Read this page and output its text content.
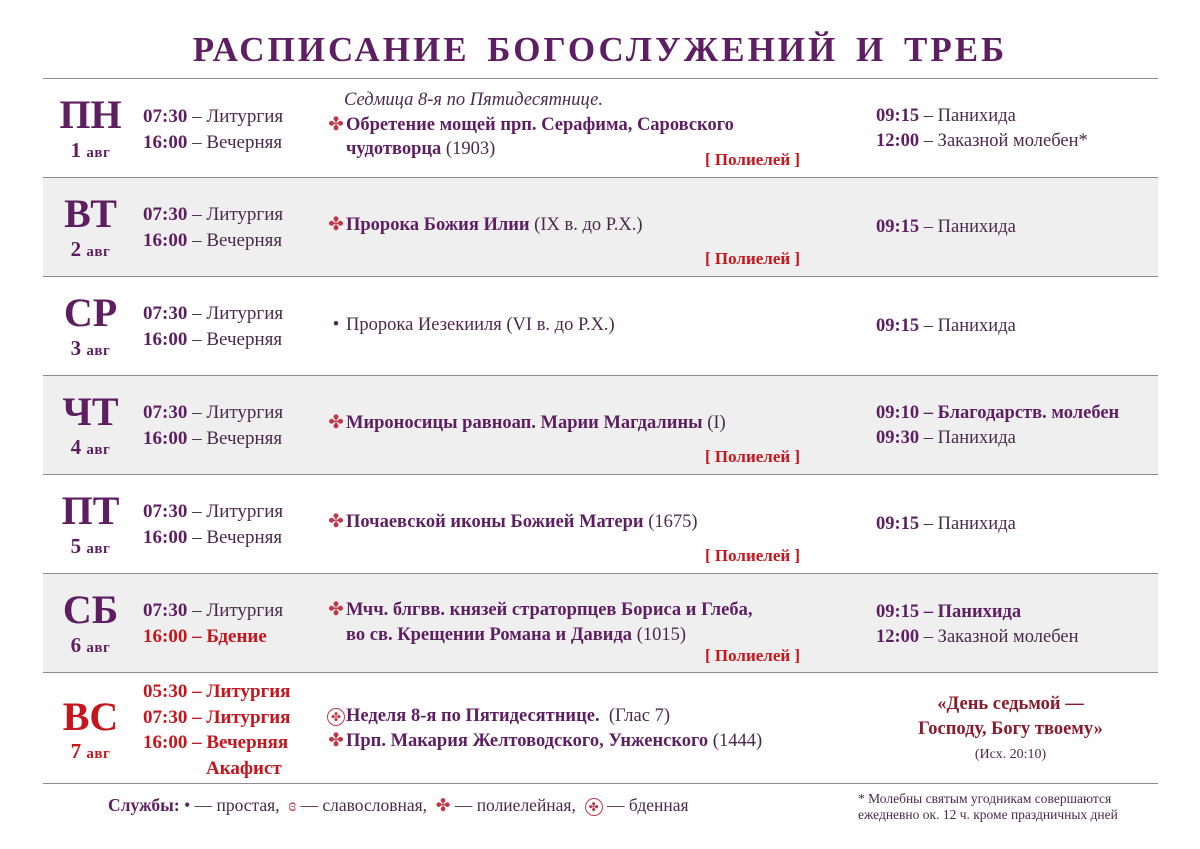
РАСПИСАНИЕ БОГОСЛУЖЕНИЙ И ТРЕБ
ПН
1 авг
07:30 – Литургия
16:00 – Вечерняя
Седмица 8-я по Пятидесятнице.
✤ Обретение мощей прп. Серафима, Саровского
чудотворца (1903)
[ Полиелей ]
09:15 – Панихида
12:00 – Заказной молебен*
ВТ
2 авг
07:30 – Литургия
16:00 – Вечерняя
✤ Пророка Божия Илии (IX в. до Р.Х.)
[ Полиелей ]
09:15 – Панихида
СР
3 авг
07:30 – Литургия
16:00 – Вечерняя
• Пророка Иезекииля (VI в. до Р.Х.)	09:15 – Панихида
ЧТ
4 авг
07:30 – Литургия
16:00 – Вечерняя
✤ Мироносицы равноап. Марии Магдалины (I)
[ Полиелей ]
09:10 – Благодарств. молебен
09:30 – Панихида
ПТ
5 авг
07:30 – Литургия
16:00 – Вечерняя
✤ Почаевской иконы Божией Матери (1675)
[ Полиелей ]
09:15 – Панихида
СБ
6 авг
07:30 – Литургия
16:00 – Бдение
✤ Мчч. блгвв. князей страторпцев Бориса и Глеба,
во св. Крещении Романа и Давида (1015)
[ Полиелей ]
09:15 – Панихида
12:00 – Заказной молебен
ВС
7 авг
05:30 – Литургия
07:30 – Литургия
16:00 – Вечерняя
Акафист
✤ Неделя 8-я по Пятидесятнице. (Глас 7)
✤ Прп. Макария Желтоводского, Унженского (1444)
«День седьмой —
Господу, Богу твоему»
(Исх. 20:10)
Службы: • — простая, ɞ — славословная, ✤ — полиелейная, ✤ — бденная	* Молебны святым угодникам совершаются
ежедневно ок. 12 ч. кроме праздничных дней
